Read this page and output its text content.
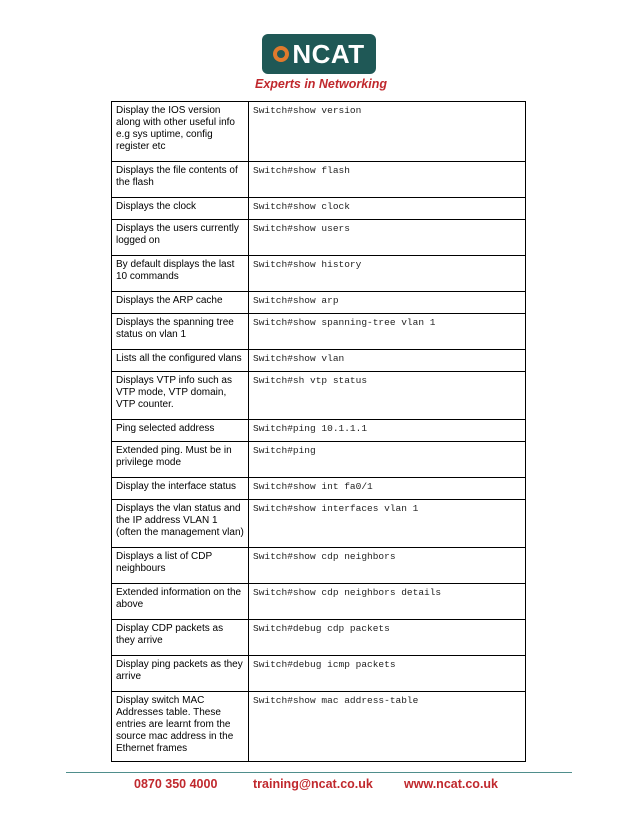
NCAT
Experts in Networking
Display the IOS version along with other useful info e.g sys uptime, config register etc	Switch#show version
Displays the file contents of the flash	Switch#show flash
Displays the clock	Switch#show clock
Displays the users currently logged on	Switch#show users
By default displays the last 10 commands	Switch#show history
Displays the ARP cache	Switch#show arp
Displays the spanning tree status on vlan 1	Switch#show spanning-tree vlan 1
Lists all the configured vlans	Switch#show vlan
Displays VTP info such as VTP mode, VTP domain, VTP counter.	Switch#sh vtp status
Ping selected address	Switch#ping 10.1.1.1
Extended ping. Must be in privilege mode	Switch#ping
Display the interface status	Switch#show int fa0/1
Displays the vlan status and the IP address VLAN 1 (often the management vlan)	Switch#show interfaces vlan 1
Displays a list of CDP neighbours	Switch#show cdp neighbors
Extended information on the above	Switch#show cdp neighbors details
Display CDP packets as they arrive	Switch#debug cdp packets
Display ping packets as they arrive	Switch#debug icmp packets
Display switch MAC Addresses table. These entries are learnt from the source mac address in the Ethernet frames	Switch#show mac address-table
0870 350 4000	training@ncat.co.uk www.ncat.co.uk
